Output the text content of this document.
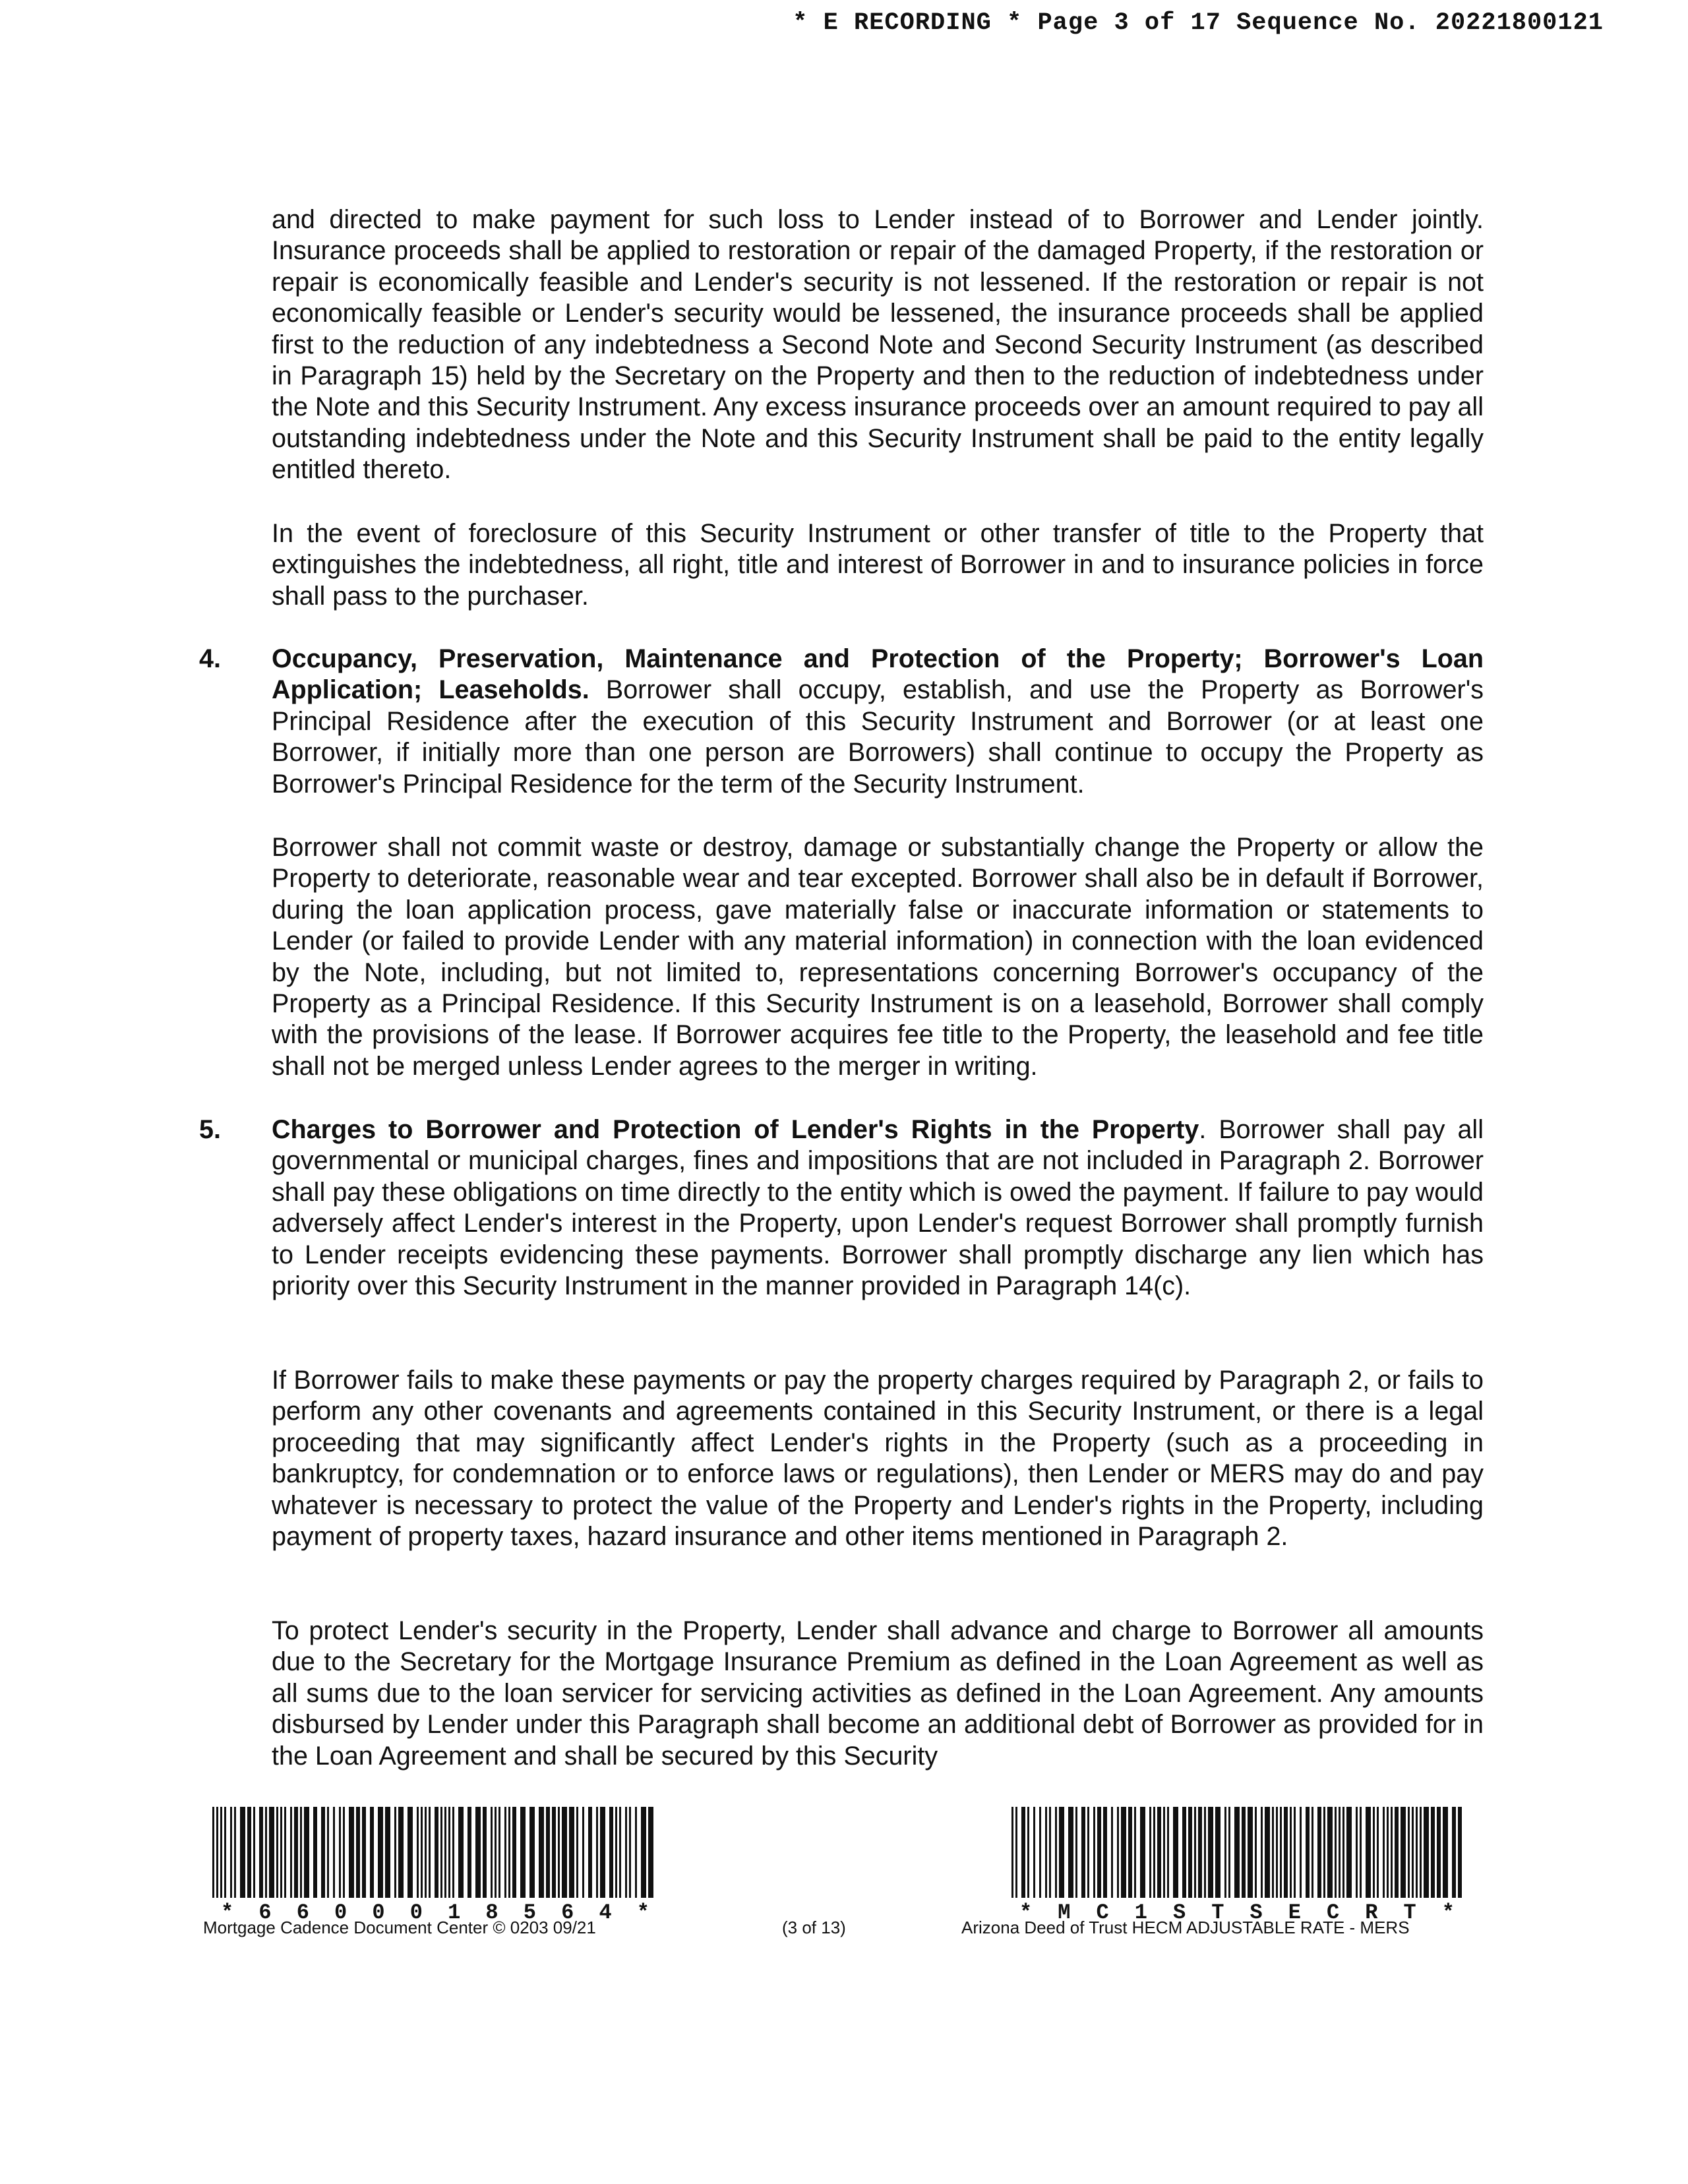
* E RECORDING * Page 3 of 17 Sequence No. 20221800121

and directed to make payment for such loss to Lender instead of to Borrower and Lender jointly. Insurance proceeds shall be applied to restoration or repair of the damaged Property, if the restoration or repair is economically feasible and Lender's security is not lessened. If the restoration or repair is not economically feasible or Lender's security would be lessened, the insurance proceeds shall be applied first to the reduction of any indebtedness a Second Note and Second Security Instrument (as described in Paragraph 15) held by the Secretary on the Property and then to the reduction of indebtedness under the Note and this Security Instrument. Any excess insurance proceeds over an amount required to pay all outstanding indebtedness under the Note and this Security Instrument shall be paid to the entity legally entitled thereto.

In the event of foreclosure of this Security Instrument or other transfer of title to the Property that extinguishes the indebtedness, all right, title and interest of Borrower in and to insurance policies in force shall pass to the purchaser.

4. Occupancy, Preservation, Maintenance and Protection of the Property; Borrower's Loan Application; Leaseholds. Borrower shall occupy, establish, and use the Property as Borrower's Principal Residence after the execution of this Security Instrument and Borrower (or at least one Borrower, if initially more than one person are Borrowers) shall continue to occupy the Property as Borrower's Principal Residence for the term of the Security Instrument.

Borrower shall not commit waste or destroy, damage or substantially change the Property or allow the Property to deteriorate, reasonable wear and tear excepted. Borrower shall also be in default if Borrower, during the loan application process, gave materially false or inaccurate information or statements to Lender (or failed to provide Lender with any material information) in connection with the loan evidenced by the Note, including, but not limited to, representations concerning Borrower's occupancy of the Property as a Principal Residence. If this Security Instrument is on a leasehold, Borrower shall comply with the provisions of the lease. If Borrower acquires fee title to the Property, the leasehold and fee title shall not be merged unless Lender agrees to the merger in writing.

5. Charges to Borrower and Protection of Lender's Rights in the Property. Borrower shall pay all governmental or municipal charges, fines and impositions that are not included in Paragraph 2. Borrower shall pay these obligations on time directly to the entity which is owed the payment. If failure to pay would adversely affect Lender's interest in the Property, upon Lender's request Borrower shall promptly furnish to Lender receipts evidencing these payments. Borrower shall promptly discharge any lien which has priority over this Security Instrument in the manner provided in Paragraph 14(c).

If Borrower fails to make these payments or pay the property charges required by Paragraph 2, or fails to perform any other covenants and agreements contained in this Security Instrument, or there is a legal proceeding that may significantly affect Lender's rights in the Property (such as a proceeding in bankruptcy, for condemnation or to enforce laws or regulations), then Lender or MERS may do and pay whatever is necessary to protect the value of the Property and Lender's rights in the Property, including payment of property taxes, hazard insurance and other items mentioned in Paragraph 2.

To protect Lender's security in the Property, Lender shall advance and charge to Borrower all amounts due to the Secretary for the Mortgage Insurance Premium as defined in the Loan Agreement as well as all sums due to the loan servicer for servicing activities as defined in the Loan Agreement. Any amounts disbursed by Lender under this Paragraph shall become an additional debt of Borrower as provided for in the Loan Agreement and shall be secured by this Security

* 6 6 0 0 0 1 8 5 6 4 *	* M C 1 S T S E C R T *
Mortgage Cadence Document Center © 0203 09/21	(3 of 13)	Arizona Deed of Trust HECM ADJUSTABLE RATE - MERS
